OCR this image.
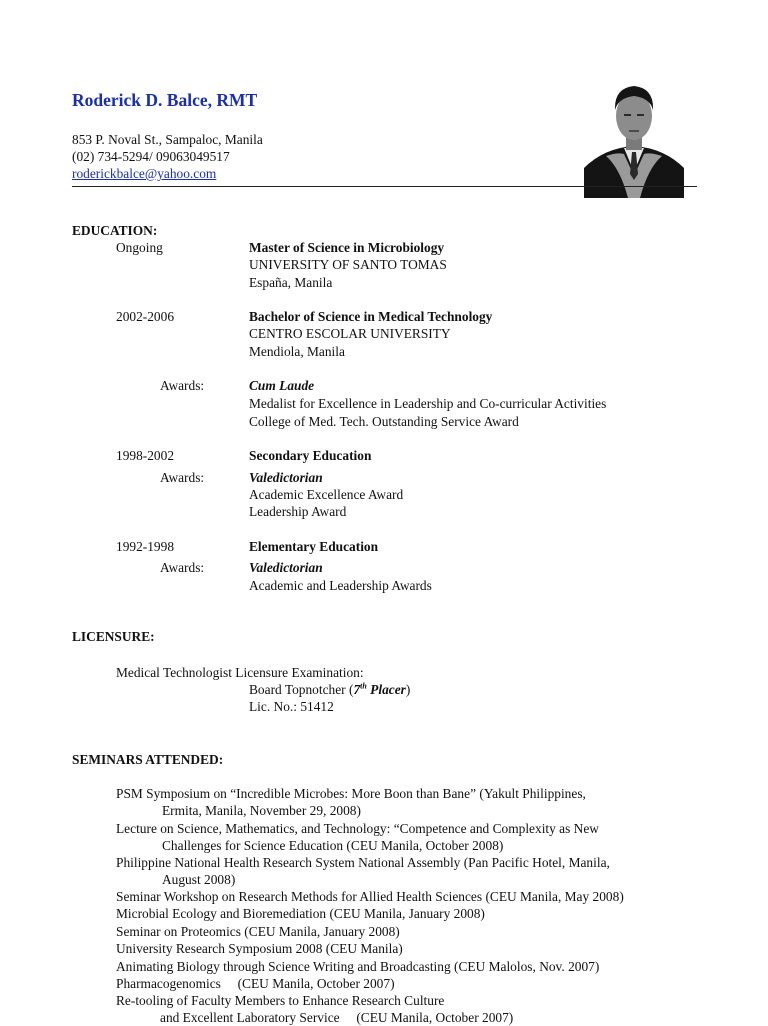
Roderick D. Balce, RMT
853 P. Noval St., Sampaloc, Manila
(02) 734-5294/ 09063049517
roderickbalce@yahoo.com
EDUCATION:
Ongoing	Master of Science in Microbiology
UNIVERSITY OF SANTO TOMAS
España, Manila
2002-2006	Bachelor of Science in Medical Technology
CENTRO ESCOLAR UNIVERSITY
Mendiola, Manila
Awards:	Cum Laude
Medalist for Excellence in Leadership and Co-curricular Activities
College of Med. Tech. Outstanding Service Award
1998-2002	Secondary Education
Awards:	Valedictorian
Academic Excellence Award
Leadership Award
1992-1998	Elementary Education
Awards:	Valedictorian
Academic and Leadership Awards
LICENSURE:
Medical Technologist Licensure Examination:
Board Topnotcher (7th Placer)
Lic. No.: 51412
SEMINARS ATTENDED:
PSM Symposium on “Incredible Microbes: More Boon than Bane” (Yakult Philippines,
Ermita, Manila, November 29, 2008)
Lecture on Science, Mathematics, and Technology: “Competence and Complexity as New
Challenges for Science Education (CEU Manila, October 2008)
Philippine National Health Research System National Assembly (Pan Pacific Hotel, Manila,
August 2008)
Seminar Workshop on Research Methods for Allied Health Sciences (CEU Manila, May 2008)
Microbial Ecology and Bioremediation (CEU Manila, January 2008)
Seminar on Proteomics (CEU Manila, January 2008)
University Research Symposium 2008 (CEU Manila)
Animating Biology through Science Writing and Broadcasting (CEU Malolos, Nov. 2007)
Pharmacogenomics     (CEU Manila, October 2007)
Re-tooling of Faculty Members to Enhance Research Culture
and Excellent Laboratory Service     (CEU Manila, October 2007)
